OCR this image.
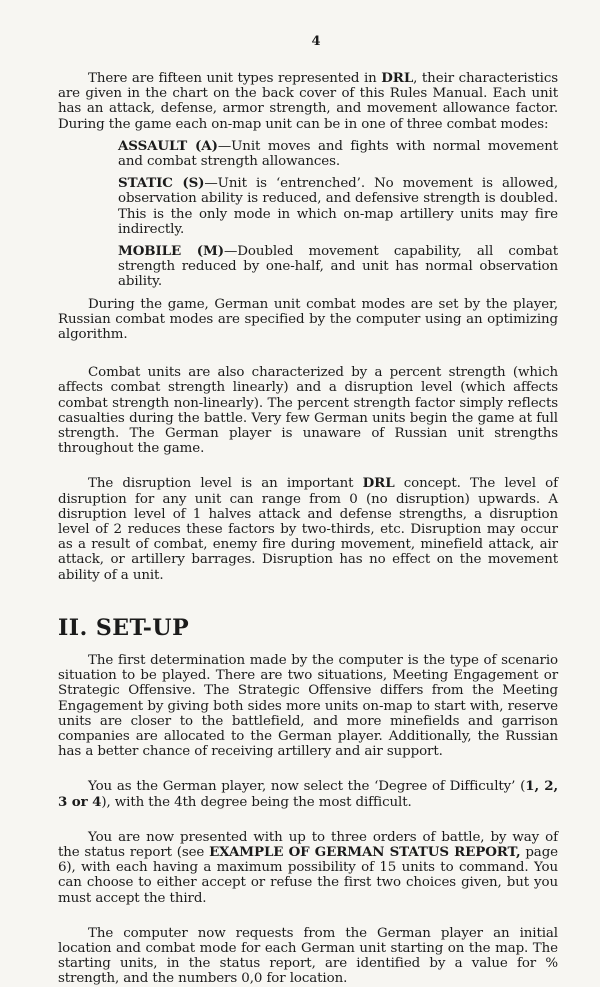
4

There are fifteen unit types represented in DRL, their characteristics are given in the chart on the back cover of this Rules Manual. Each unit has an attack, defense, armor strength, and movement allowance factor. During the game each on-map unit can be in one of three combat modes:

ASSAULT (A)—Unit moves and fights with normal movement and combat strength allowances.

STATIC (S)—Unit is ‘entrenched’. No movement is allowed, observation ability is reduced, and defensive strength is doubled. This is the only mode in which on-map artillery units may fire indirectly.

MOBILE (M)—Doubled movement capability, all combat strength reduced by one-half, and unit has normal observation ability.

During the game, German unit combat modes are set by the player, Russian combat modes are specified by the computer using an optimizing algorithm.

Combat units are also characterized by a percent strength (which affects combat strength linearly) and a disruption level (which affects combat strength non-linearly). The percent strength factor simply reflects casualties during the battle. Very few German units begin the game at full strength. The German player is unaware of Russian unit strengths throughout the game.

The disruption level is an important DRL concept. The level of disruption for any unit can range from 0 (no disruption) upwards. A disruption level of 1 halves attack and defense strengths, a disruption level of 2 reduces these factors by two-thirds, etc. Disruption may occur as a result of combat, enemy fire during movement, minefield attack, air attack, or artillery barrages. Disruption has no effect on the movement ability of a unit.

II. SET-UP

The first determination made by the computer is the type of scenario situation to be played. There are two situations, Meeting Engagement or Strategic Offensive. The Strategic Offensive differs from the Meeting Engagement by giving both sides more units on-map to start with, reserve units are closer to the battlefield, and more minefields and garrison companies are allocated to the German player. Additionally, the Russian has a better chance of receiving artillery and air support.

You as the German player, now select the ‘Degree of Difficulty’ (1, 2, 3 or 4), with the 4th degree being the most difficult.

You are now presented with up to three orders of battle, by way of the status report (see EXAMPLE OF GERMAN STATUS REPORT, page 6), with each having a maximum possibility of 15 units to command. You can choose to either accept or refuse the first two choices given, but you must accept the third.

The computer now requests from the German player an initial location and combat mode for each German unit starting on the map. The starting units, in the status report, are identified by a value for % strength, and the numbers 0,0 for location.
